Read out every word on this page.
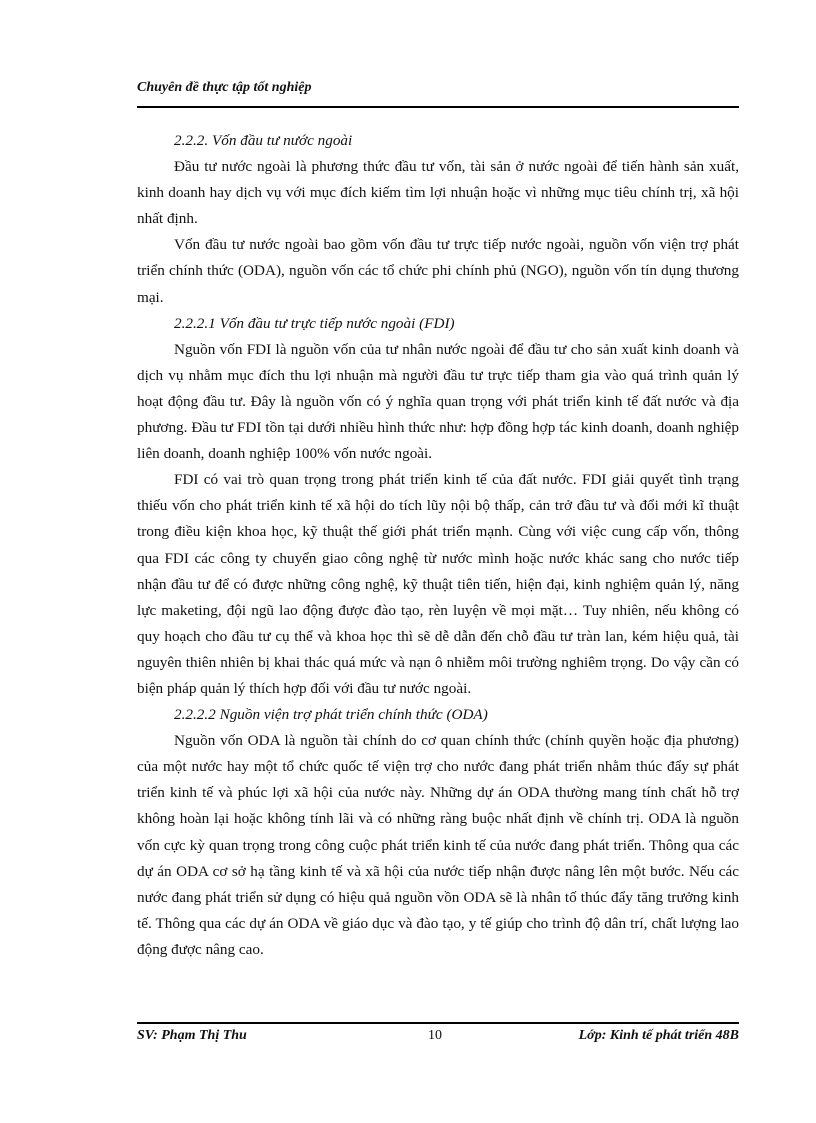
Chuyên đề thực tập tốt nghiệp
2.2.2. Vốn đầu tư nước ngoài

Đầu tư nước ngoài là phương thức đầu tư vốn, tài sản ở nước ngoài để tiến hành sản xuất, kinh doanh hay dịch vụ với mục đích kiếm tìm lợi nhuận hoặc vì những mục tiêu chính trị, xã hội nhất định.

Vốn đầu tư nước ngoài bao gồm vốn đầu tư trực tiếp nước ngoài, nguồn vốn viện trợ phát triển chính thức (ODA), nguồn vốn các tổ chức phi chính phủ (NGO), nguồn vốn tín dụng thương mại.

2.2.2.1 Vốn đầu tư trực tiếp nước ngoài (FDI)

Nguồn vốn FDI là nguồn vốn của tư nhân nước ngoài để đầu tư cho sản xuất kinh doanh và dịch vụ nhằm mục đích thu lợi nhuận mà người đầu tư trực tiếp tham gia vào quá trình quản lý hoạt động đầu tư. Đây là nguồn vốn có ý nghĩa quan trọng với phát triển kinh tế đất nước và địa phương. Đầu tư FDI tồn tại dưới nhiều hình thức như: hợp đồng hợp tác kinh doanh, doanh nghiệp liên doanh, doanh nghiệp 100% vốn nước ngoài.

FDI có vai trò quan trọng trong phát triển kinh tế của đất nước. FDI giải quyết tình trạng thiếu vốn cho phát triển kinh tế xã hội do tích lũy nội bộ thấp, cản trở đầu tư và đổi mới kĩ thuật trong điều kiện khoa học, kỹ thuật thế giới phát triển mạnh. Cùng với việc cung cấp vốn, thông qua FDI các công ty chuyển giao công nghệ từ nước mình hoặc nước khác sang cho nước tiếp nhận đầu tư để có được những công nghệ, kỹ thuật tiên tiến, hiện đại, kinh nghiệm quản lý, năng lực maketing, đội ngũ lao động được đào tạo, rèn luyện về mọi mặt… Tuy nhiên, nếu không có quy hoạch cho đầu tư cụ thể và khoa học thì sẽ dễ dẫn đến chỗ đầu tư tràn lan, kém hiệu quả, tài nguyên thiên nhiên bị khai thác quá mức và nạn ô nhiễm môi trường nghiêm trọng. Do vậy cần có biện pháp quản lý thích hợp đối với đầu tư nước ngoài.

2.2.2.2 Nguồn viện trợ phát triển chính thức (ODA)

Nguồn vốn ODA là nguồn tài chính do cơ quan chính thức (chính quyền hoặc địa phương) của một nước hay một tổ chức quốc tế viện trợ cho nước đang phát triển nhằm thúc đẩy sự phát triển kinh tế và phúc lợi xã hội của nước này. Những dự án ODA thường mang tính chất hỗ trợ không hoàn lại hoặc không tính lãi và có những ràng buộc nhất định về chính trị. ODA là nguồn vốn cực kỳ quan trọng trong công cuộc phát triển kinh tế của nước đang phát triển. Thông qua các dự án ODA cơ sở hạ tầng kinh tế và xã hội của nước tiếp nhận được nâng lên một bước. Nếu các nước đang phát triển sử dụng có hiệu quả nguồn vồn ODA sẽ là nhân tố thúc đẩy tăng trưởng kinh tế. Thông qua các dự án ODA về giáo dục và đào tạo, y tế giúp cho trình độ dân trí, chất lượng lao động được nâng cao.

SV: Phạm Thị Thu	10	Lớp: Kinh tế phát triển 48B
